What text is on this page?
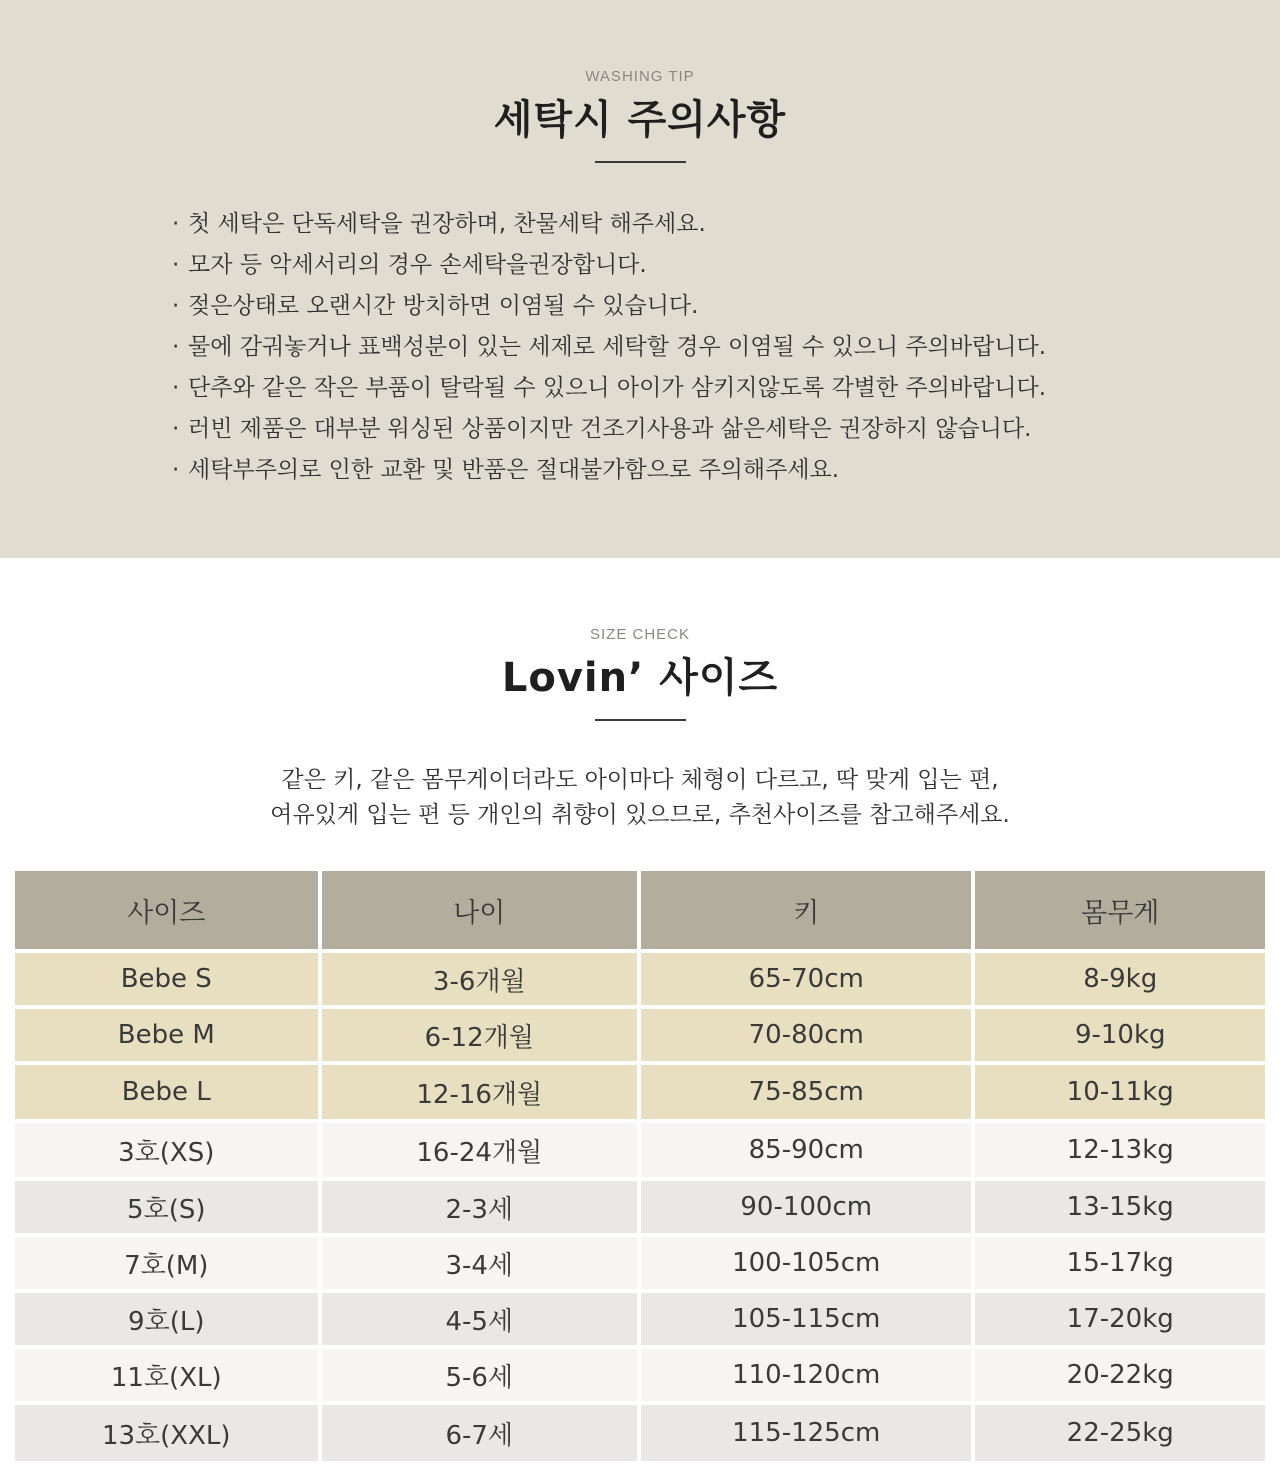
WASHING TIP
세탁시 주의사항
· 첫 세탁은 단독세탁을 권장하며, 찬물세탁 해주세요.
· 모자 등 악세서리의 경우 손세탁을권장합니다.
· 젖은상태로 오랜시간 방치하면 이염될 수 있습니다.
· 물에 감궈놓거나 표백성분이 있는 세제로 세탁할 경우 이염될 수 있으니 주의바랍니다.
· 단추와 같은 작은 부품이 탈락될 수 있으니 아이가 삼키지않도록 각별한 주의바랍니다.
· 러빈 제품은 대부분 워싱된 상품이지만 건조기사용과 삶은세탁은 권장하지 않습니다.
· 세탁부주의로 인한 교환 및 반품은 절대불가함으로 주의해주세요.
SIZE CHECK
Lovin’ 사이즈

같은 키, 같은 몸무게이더라도 아이마다 체형이 다르고, 딱 맞게 입는 편,

여유있게 입는 편 등 개인의 취향이 있으므로, 추천사이즈를 참고해주세요.

사이즈	나이	키	몸무게
Bebe S	3-6개월	65-70cm	8-9kg
Bebe M	6-12개월	70-80cm	9-10kg
Bebe L	12-16개월	75-85cm	10-11kg
3호(XS)	16-24개월	85-90cm	12-13kg
5호(S)	2-3세	90-100cm	13-15kg
7호(M)	3-4세	100-105cm	15-17kg
9호(L)	4-5세	105-115cm	17-20kg
11호(XL)	5-6세	110-120cm	20-22kg
13호(XXL)	6-7세	115-125cm	22-25kg
